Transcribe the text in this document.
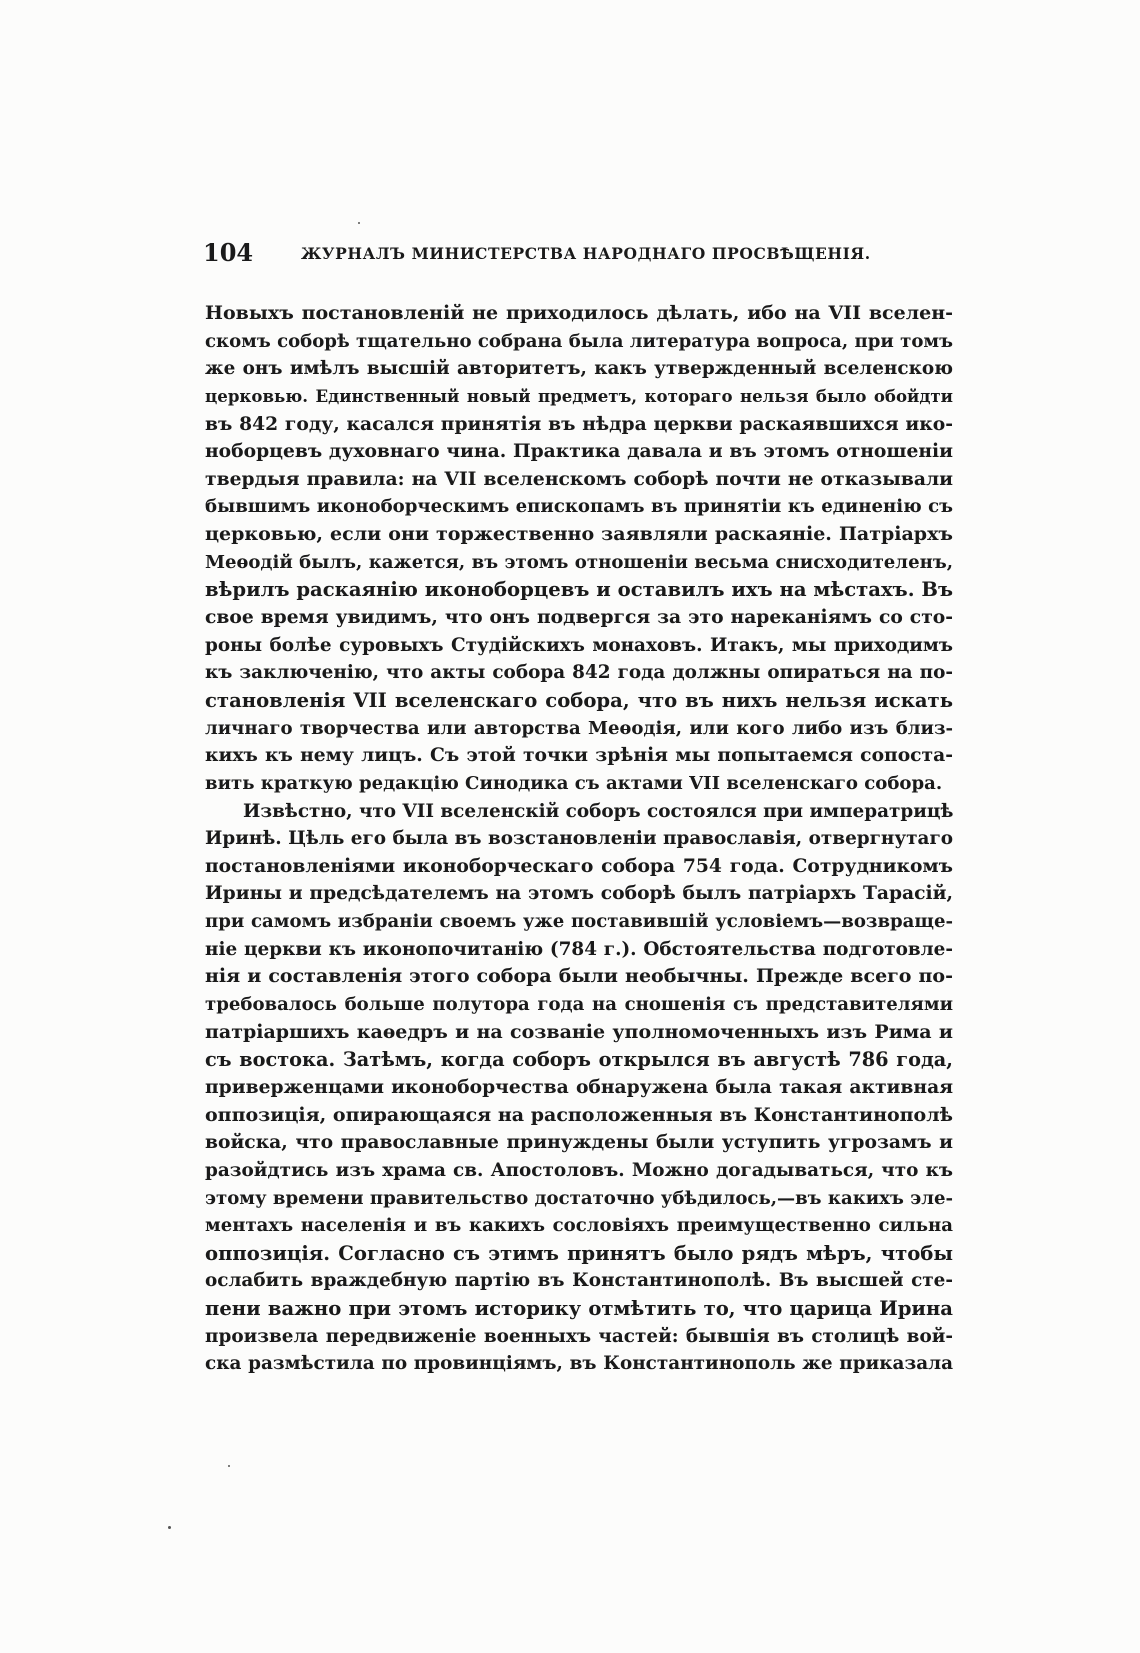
104	ЖУРНАЛЪ МИНИСТЕРСТВА НАРОДНАГО ПРОСВѢЩЕНІЯ.
Новыхъ постановленій не приходилось дѣлать, ибо на VII вселен-
скомъ соборѣ тщательно собрана была литература вопроса, при томъ
же онъ имѣлъ высшій авторитетъ, какъ утвержденный вселенскою
церковью. Единственный новый предметъ, котораго нельзя было обойдти
въ 842 году, касался принятія въ нѣдра церкви раскаявшихся ико-
ноборцевъ духовнаго чина. Практика давала и въ этомъ отношеніи
твердыя правила: на VII вселенскомъ соборѣ почти не отказывали
бывшимъ иконоборческимъ епископамъ въ принятіи къ единенію съ
церковью, если они торжественно заявляли раскаяніе. Патріархъ
Меѳодій былъ, кажется, въ этомъ отношеніи весьма снисходителенъ,
вѣрилъ раскаянію иконоборцевъ и оставилъ ихъ на мѣстахъ. Въ
свое время увидимъ, что онъ подвергся за это нареканіямъ со сто-
роны болѣе суровыхъ Студійскихъ монаховъ. Итакъ, мы приходимъ
къ заключенію, что акты собора 842 года должны опираться на по-
становленія VII вселенскаго собора, что въ нихъ нельзя искать
личнаго творчества или авторства Меѳодія, или кого либо изъ близ-
кихъ къ нему лицъ. Съ этой точки зрѣнія мы попытаемся сопоста-
вить краткую редакцію Синодика съ актами VII вселенскаго собора.
Извѣстно, что VII вселенскій соборъ состоялся при императрицѣ
Иринѣ. Цѣль его была въ возстановленіи православія, отвергнутаго
постановленіями иконоборческаго собора 754 года. Сотрудникомъ
Ирины и предсѣдателемъ на этомъ соборѣ былъ патріархъ Тарасій,
при самомъ избраніи своемъ уже поставившій условіемъ—возвраще-
ніе церкви къ иконопочитанію (784 г.). Обстоятельства подготовле-
нія и составленія этого собора были необычны. Прежде всего по-
требовалось больше полутора года на сношенія съ представителями
патріаршихъ каѳедръ и на созваніе уполномоченныхъ изъ Рима и
съ востока. Затѣмъ, когда соборъ открылся въ августѣ 786 года,
приверженцами иконоборчества обнаружена была такая активная
оппозиція, опирающаяся на расположенныя въ Константинополѣ
войска, что православные принуждены были уступить угрозамъ и
разойдтись изъ храма св. Апостоловъ. Можно догадываться, что къ
этому времени правительство достаточно убѣдилось,—въ какихъ эле-
ментахъ населенія и въ какихъ сословіяхъ преимущественно сильна
оппозиція. Согласно съ этимъ принятъ было рядъ мѣръ, чтобы
ослабить враждебную партію въ Константинополѣ. Въ высшей сте-
пени важно при этомъ историку отмѣтить то, что царица Ирина
произвела передвиженіе военныхъ частей: бывшія въ столицѣ вой-
ска размѣстила по провинціямъ, въ Константинополь же приказала
